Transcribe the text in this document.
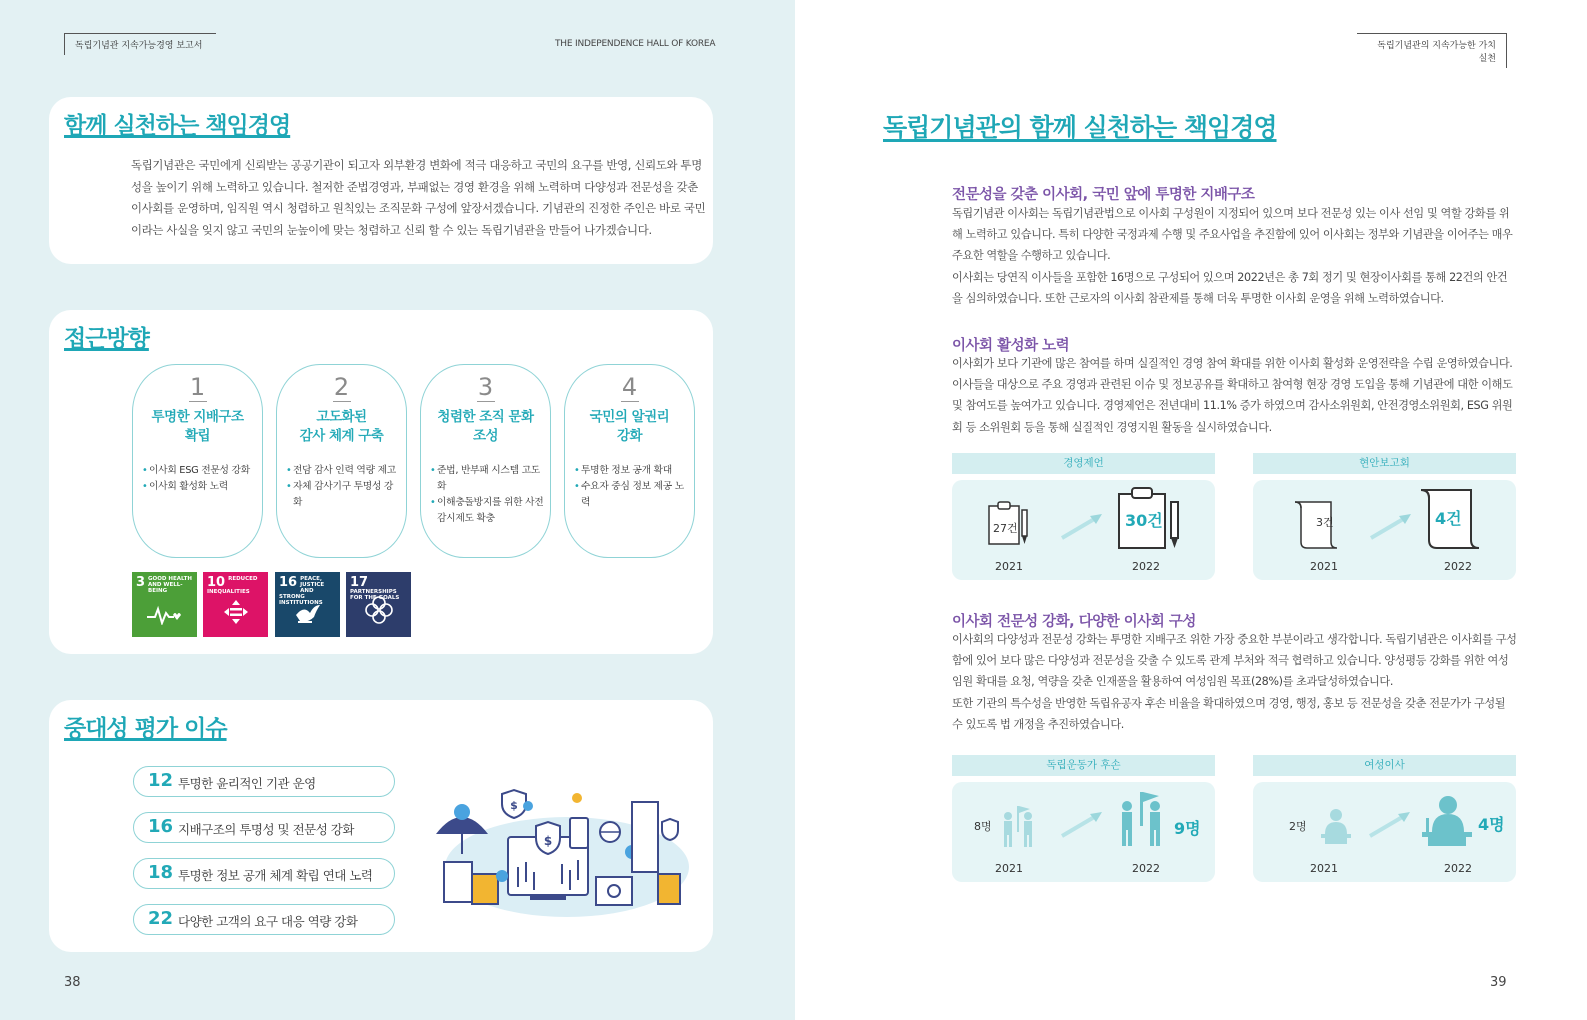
독립기념관 지속가능경영 보고서	THE INDEPENDENCE HALL OF KOREA
함께 실천하는 책임경영
독립기념관은 국민에게 신뢰받는 공공기관이 되고자 외부환경 변화에 적극 대응하고 국민의 요구를 반영, 신뢰도와 투명성을 높이기 위해 노력하고 있습니다. 철저한 준법경영과, 부패없는 경영 환경을 위해 노력하며 다양성과 전문성을 갖춘 이사회를 운영하며, 임직원 역시 청렴하고 원칙있는 조직문화 구성에 앞장서겠습니다. 기념관의 진정한 주인은 바로 국민이라는 사실을 잊지 않고 국민의 눈높이에 맞는 청렴하고 신뢰 할 수 있는 독립기념관을 만들어 나가겠습니다.
접근방향
1
투명한 지배구조
확립
• 이사회 ESG 전문성 강화
• 이사회 활성화 노력
2
고도화된
감사 체계 구축
• 전담 감사 인력 역량 제고
• 자체 감사기구 투명성 강화
3
청렴한 조직 문화
조성
• 준법, 반부패 시스템 고도화
• 이해충돌방지를 위한 사전 감시제도 확충
4
국민의 알권리
강화
• 투명한 정보 공개 확대
• 수요자 중심 정보 제공 노력
3 GOOD HEALTH AND WELL-BEING
10 REDUCED INEQUALITIES
16 PEACE, JUSTICE AND STRONG INSTITUTIONS
17
PARTNERSHIPS FOR THE GOALS
중대성 평가 이슈
12 투명한 윤리적인 기관 운영
16 지배구조의 투명성 및 전문성 강화
18 투명한 정보 공개 체계 확립 연대 노력
22 다양한 고객의 요구 대응 역량 강화
$
$
38
독립기념관의 지속가능한 가치 실천
독립기념관의 함께 실천하는 책임경영
전문성을 갖춘 이사회, 국민 앞에 투명한 지배구조
독립기념관 이사회는 독립기념관법으로 이사회 구성원이 지정되어 있으며 보다 전문성 있는 이사 선임 및 역할 강화를 위해 노력하고 있습니다. 특히 다양한 국정과제 수행 및 주요사업을 추진함에 있어 이사회는 정부와 기념관을 이어주는 매우 주요한 역할을 수행하고 있습니다.
이사회는 당연직 이사들을 포함한 16명으로 구성되어 있으며 2022년은 총 7회 정기 및 현장이사회를 통해 22건의 안건을 심의하였습니다. 또한 근로자의 이사회 참관제를 통해 더욱 투명한 이사회 운영을 위해 노력하였습니다.
이사회 활성화 노력
이사회가 보다 기관에 많은 참여를 하며 실질적인 경영 참여 확대를 위한 이사회 활성화 운영전략을 수립 운영하였습니다. 이사들을 대상으로 주요 경영과 관련된 이슈 및 정보공유를 확대하고 참여형 현장 경영 도입을 통해 기념관에 대한 이해도 및 참여도를 높여가고 있습니다. 경영제언은 전년대비 11.1% 증가 하였으며 감사소위원회, 안전경영소위원회, ESG 위원회 등 소위원회 등을 통해 실질적인 경영지원 활동을 실시하였습니다.
경영제언
27건	30건
2021	2022
현안보고회
3건	4건
2021	2022
이사회 전문성 강화, 다양한 이사회 구성
이사회의 다양성과 전문성 강화는 투명한 지배구조 위한 가장 중요한 부분이라고 생각합니다. 독립기념관은 이사회를 구성함에 있어 보다 많은 다양성과 전문성을 갖출 수 있도록 관계 부처와 적극 협력하고 있습니다. 양성평등 강화를 위한 여성임원 확대를 요청, 역량을 갖춘 인재풀을 활용하여 여성임원 목표(28%)를 초과달성하였습니다.
또한 기관의 특수성을 반영한 독립유공자 후손 비율을 확대하였으며 경영, 행정, 홍보 등 전문성을 갖춘 전문가가 구성될 수 있도록 법 개정을 추진하였습니다.
독립운동가 후손
8명	9명
2021	2022
여성이사
2명	4명
2021	2022
39
